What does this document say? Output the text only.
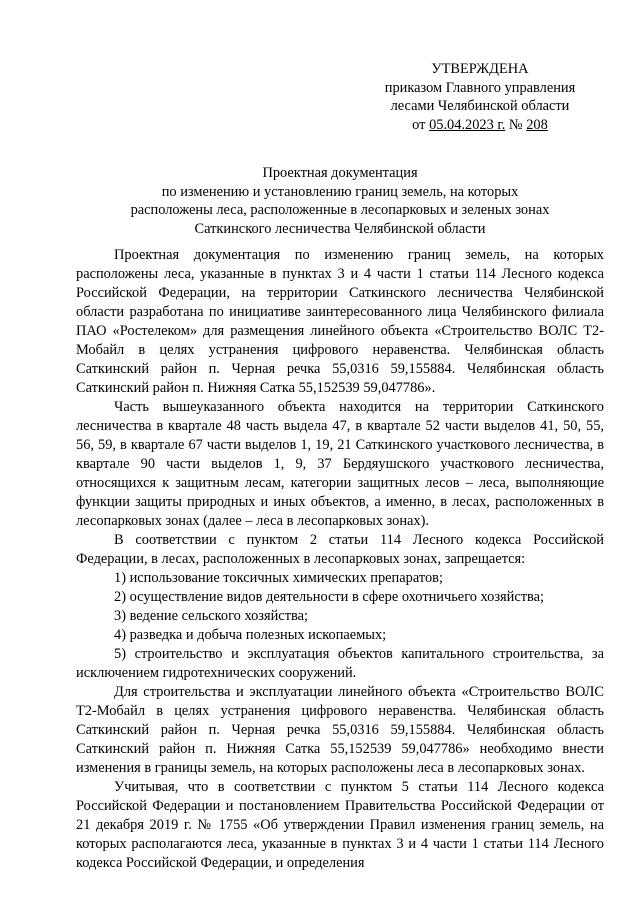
УТВЕРЖДЕНА
приказом Главного управления
лесами Челябинской области
от 05.04.2023 г. № 208
Проектная документация
по изменению и установлению границ земель, на которых
расположены леса, расположенные в лесопарковых и зеленых зонах
Саткинского лесничества Челябинской области

Проектная документация по изменению границ земель, на которых расположены леса, указанные в пунктах 3 и 4 части 1 статьи 114 Лесного кодекса Российской Федерации, на территории Саткинского лесничества Челябинской области разработана по инициативе заинтересованного лица Челябинского филиала ПАО «Ростелеком» для размещения линейного объекта «Строительство ВОЛС Т2-Мобайл в целях устранения цифрового неравенства. Челябинская область Саткинский район п. Черная речка 55,0316 59,155884. Челябинская область Саткинский район п. Нижняя Сатка 55,152539 59,047786».

Часть вышеуказанного объекта находится на территории Саткинского лесничества в квартале 48 часть выдела 47, в квартале 52 части выделов 41, 50, 55, 56, 59, в квартале 67 части выделов 1, 19, 21 Саткинского участкового лесничества, в квартале 90 части выделов 1, 9, 37 Бердяушского участкового лесничества, относящихся к защитным лесам, категории защитных лесов – леса, выполняющие функции защиты природных и иных объектов, а именно, в лесах, расположенных в лесопарковых зонах (далее – леса в лесопарковых зонах).

В соответствии с пунктом 2 статьи 114 Лесного кодекса Российской Федерации, в лесах, расположенных в лесопарковых зонах, запрещается:

1) использование токсичных химических препаратов;

2) осуществление видов деятельности в сфере охотничьего хозяйства;

3) ведение сельского хозяйства;

4) разведка и добыча полезных ископаемых;

5) строительство и эксплуатация объектов капитального строительства, за исключением гидротехнических сооружений.

Для строительства и эксплуатации линейного объекта «Строительство ВОЛС Т2-Мобайл в целях устранения цифрового неравенства. Челябинская область Саткинский район п. Черная речка 55,0316 59,155884. Челябинская область Саткинский район п. Нижняя Сатка 55,152539 59,047786» необходимо внести изменения в границы земель, на которых расположены леса в лесопарковых зонах.

Учитывая, что в соответствии с пунктом 5 статьи 114 Лесного кодекса Российской Федерации и постановлением Правительства Российской Федерации от 21 декабря 2019 г. № 1755 «Об утверждении Правил изменения границ земель, на которых располагаются леса, указанные в пунктах 3 и 4 части 1 статьи 114 Лесного кодекса Российской Федерации, и определения
